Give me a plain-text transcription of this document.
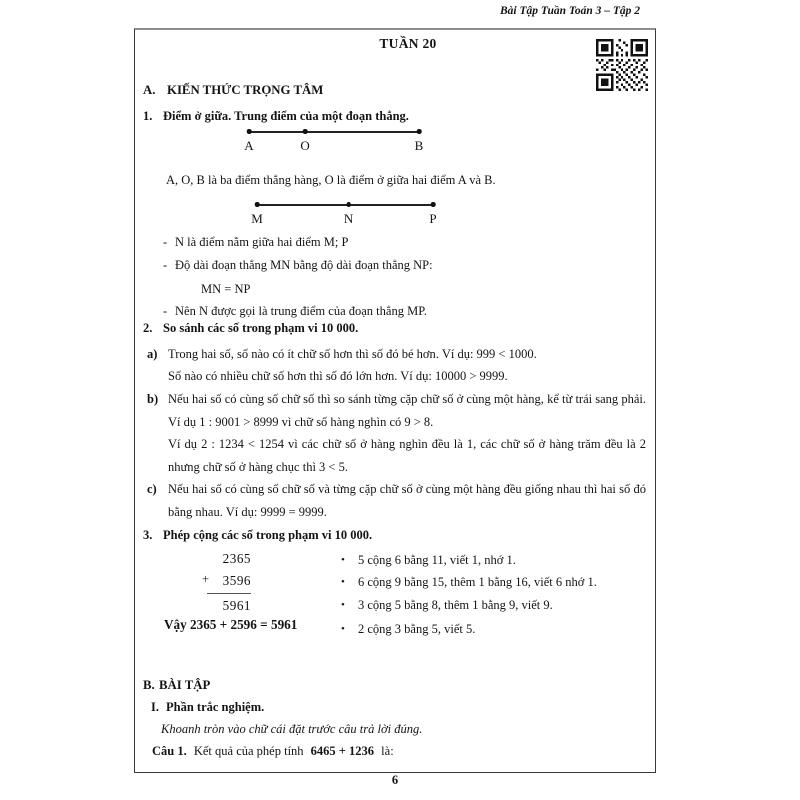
Bài Tập Tuần Toán 3 – Tập 2
TUẦN 20
A. KIẾN THỨC TRỌNG TÂM
1. Điểm ở giữa. Trung điểm của một đoạn thẳng.
A	O	B
A, O, B là ba điểm thẳng hàng, O là điểm ở giữa hai điểm A và B.
M	N	P
- N là điểm nằm giữa hai điểm M; P
- Độ dài đoạn thẳng MN bằng độ dài đoạn thẳng NP:
MN = NP
- Nên N được gọi là trung điểm của đoạn thẳng MP.
2. So sánh các số trong phạm vi 10 000.
a) Trong hai số, số nào có ít chữ số hơn thì số đó bé hơn. Ví dụ: 999 < 1000.
Số nào có nhiều chữ số hơn thì số đó lớn hơn. Ví dụ: 10000 > 9999.
b) Nếu hai số có cùng số chữ số thì so sánh từng cặp chữ số ở cùng một hàng, kể từ trái sang phải. Ví dụ 1 : 9001 > 8999 vì chữ số hàng nghìn có 9 > 8.
Ví dụ 2 : 1234 < 1254 vì các chữ số ở hàng nghìn đều là 1, các chữ số ở hàng trăm đều là 2 nhưng chữ số ở hàng chục thì 3 < 5.
c) Nếu hai số có cùng số chữ số và từng cặp chữ số ở cùng một hàng đều giống nhau thì hai số đó bằng nhau. Ví dụ: 9999 = 9999.
3. Phép cộng các số trong phạm vi 10 000.
2365
3596
5961
+
Vậy 2365 + 2596 = 5961
•	5 cộng 6 bằng 11, viết 1, nhớ 1.
•	6 cộng 9 bằng 15, thêm 1 bằng 16, viết 6 nhớ 1.
•	3 cộng 5 bằng 8, thêm 1 bằng 9, viết 9.
•	2 cộng 3 bằng 5, viết 5.
B. BÀI TẬP
I. Phần trắc nghiệm.
Khoanh tròn vào chữ cái đặt trước câu trả lời đúng.
Câu 1. Kết quả của phép tính 6465 + 1236 là:
6
